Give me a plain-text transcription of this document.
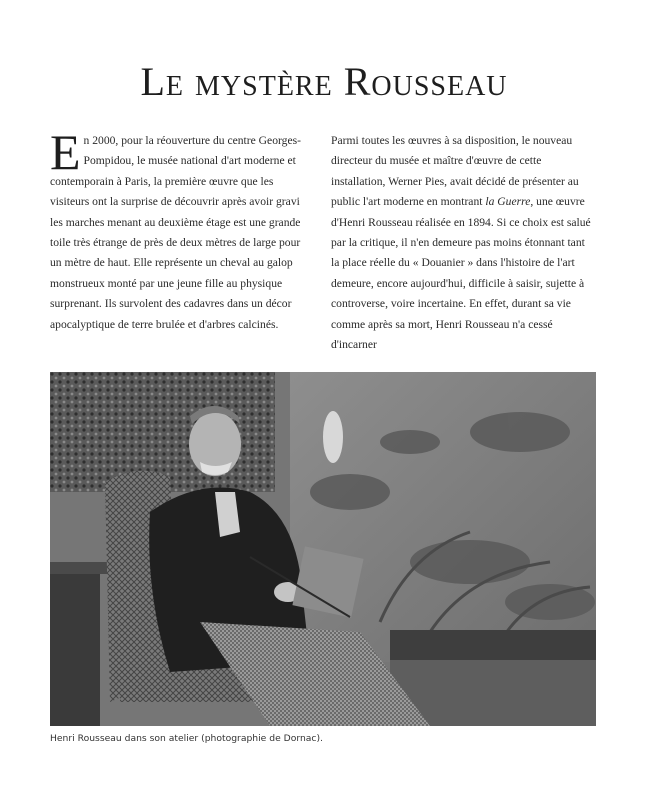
Le mystère Rousseau

En 2000, pour la réouverture du centre Georges-Pompidou, le musée national d'art moderne et contemporain à Paris, la première œuvre que les visiteurs ont la surprise de découvrir après avoir gravi les marches menant au deuxième étage est une grande toile très étrange de près de deux mètres de large pour un mètre de haut. Elle représente un cheval au galop monstrueux monté par une jeune fille au physique surprenant. Ils survolent des cadavres dans un décor apocalyptique de terre brulée et d'arbres calcinés.

Parmi toutes les œuvres à sa disposition, le nouveau directeur du musée et maître d'œuvre de cette installation, Werner Pies, avait décidé de présenter au public l'art moderne en montrant la Guerre, une œuvre d'Henri Rousseau réalisée en 1894. Si ce choix est salué par la critique, il n'en demeure pas moins étonnant tant la place réelle du « Douanier » dans l'histoire de l'art demeure, encore aujourd'hui, difficile à saisir, sujette à controverse, voire incertaine. En effet, durant sa vie comme après sa mort, Henri Rousseau n'a cessé d'incarner

Henri Rousseau dans son atelier (photographie de Dornac).
